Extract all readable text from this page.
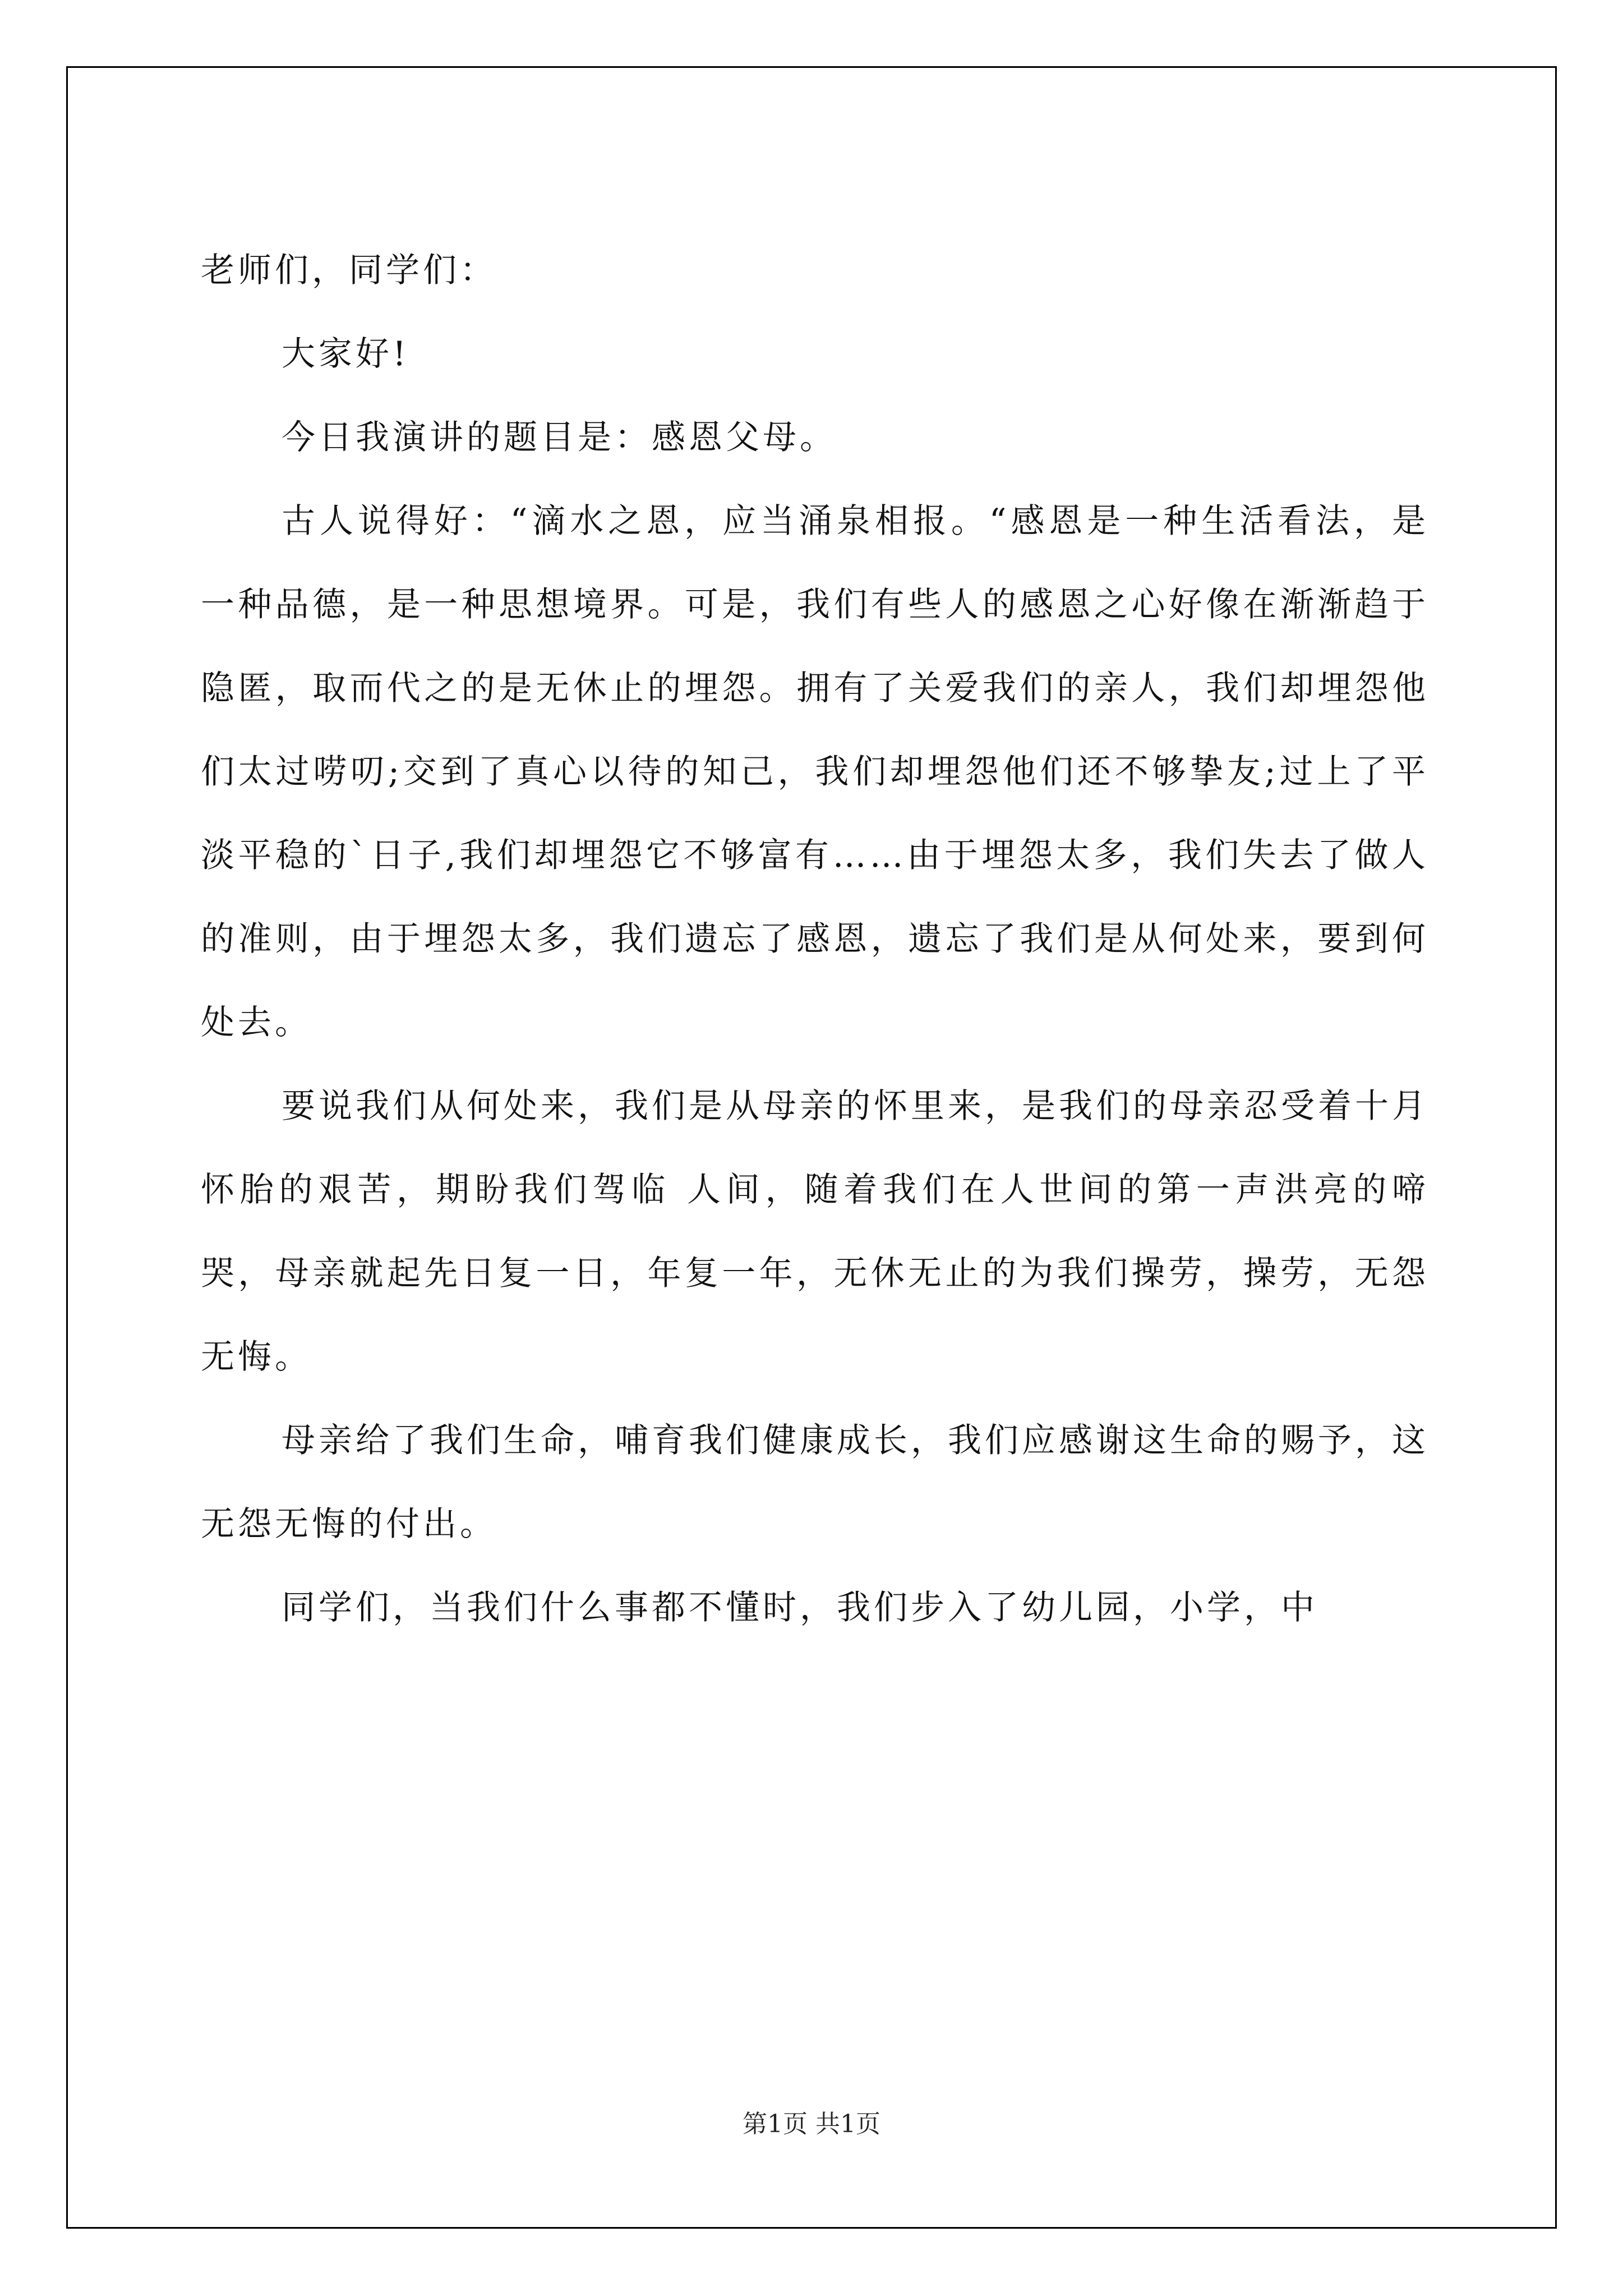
老师们，同学们：

大家好!

今日我演讲的题目是：感恩父母。

古人说得好：“滴水之恩，应当涌泉相报。“感恩是一种生活看法，是一种品德，是一种思想境界。可是，我们有些人的感恩之心好像在渐渐趋于隐匿，取而代之的是无休止的埋怨。拥有了关爱我们的亲人，我们却埋怨他们太过唠叨;交到了真心以待的知己，我们却埋怨他们还不够挚友;过上了平淡平稳的`日子,我们却埋怨它不够富有……由于埋怨太多，我们失去了做人的准则，由于埋怨太多，我们遗忘了感恩，遗忘了我们是从何处来，要到何处去。

要说我们从何处来，我们是从母亲的怀里来，是我们的母亲忍受着十月怀胎的艰苦，期盼我们驾临 人间，随着我们在人世间的第一声洪亮的啼哭，母亲就起先日复一日，年复一年，无休无止的为我们操劳，操劳，无怨无悔。

母亲给了我们生命，哺育我们健康成长，我们应感谢这生命的赐予，这无怨无悔的付出。

同学们，当我们什么事都不懂时，我们步入了幼儿园，小学，中

第1页 共1页
